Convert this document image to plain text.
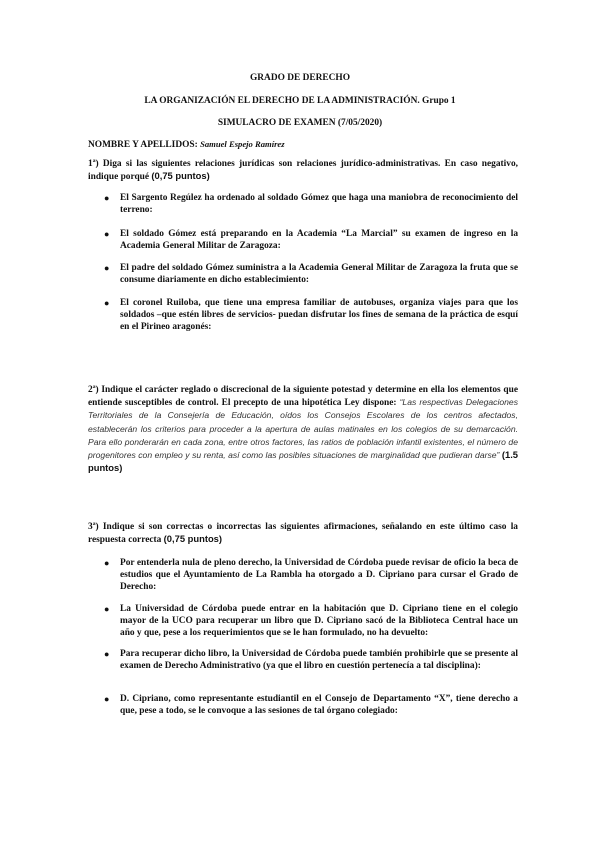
GRADO DE DERECHO
LA ORGANIZACIÓN EL DERECHO DE LA ADMINISTRACIÓN. Grupo 1
SIMULACRO DE EXAMEN (7/05/2020)
NOMBRE Y APELLIDOS: Samuel Espejo Ramírez
1ª) Diga si las siguientes relaciones jurídicas son relaciones jurídico-administrativas. En caso negativo, indique porqué (0,75 puntos)
● El Sargento Regúlez ha ordenado al soldado Gómez que haga una maniobra de reconocimiento del terreno:
● El soldado Gómez está preparando en la Academia “La Marcial” su examen de ingreso en la Academia General Militar de Zaragoza:
● El padre del soldado Gómez suministra a la Academia General Militar de Zaragoza la fruta que se consume diariamente en dicho establecimiento:
● El coronel Ruiloba, que tiene una empresa familiar de autobuses, organiza viajes para que los soldados –que estén libres de servicios- puedan disfrutar los fines de semana de la práctica de esquí en el Pirineo aragonés:
2ª) Indique el carácter reglado o discrecional de la siguiente potestad y determine en ella los elementos que entiende susceptibles de control. El precepto de una hipotética Ley dispone: “Las respectivas Delegaciones Territoriales de la Consejería de Educación, oídos los Consejos Escolares de los centros afectados, establecerán los criterios para proceder a la apertura de aulas matinales en los colegios de su demarcación. Para ello ponderarán en cada zona, entre otros factores, las ratios de población infantil existentes, el número de progenitores con empleo y su renta, así como las posibles situaciones de marginalidad que pudieran darse” (1.5 puntos)
3ª) Indique si son correctas o incorrectas las siguientes afirmaciones, señalando en este último caso la respuesta correcta (0,75 puntos)
● Por entenderla nula de pleno derecho, la Universidad de Córdoba puede revisar de oficio la beca de estudios que el Ayuntamiento de La Rambla ha otorgado a D. Cipriano para cursar el Grado de Derecho:
● La Universidad de Córdoba puede entrar en la habitación que D. Cipriano tiene en el colegio mayor de la UCO para recuperar un libro que D. Cipriano sacó de la Biblioteca Central hace un año y que, pese a los requerimientos que se le han formulado, no ha devuelto:
● Para recuperar dicho libro, la Universidad de Córdoba puede también prohibirle que se presente al examen de Derecho Administrativo (ya que el libro en cuestión pertenecía a tal disciplina):
● D. Cipriano, como representante estudiantil en el Consejo de Departamento “X”, tiene derecho a que, pese a todo, se le convoque a las sesiones de tal órgano colegiado:
